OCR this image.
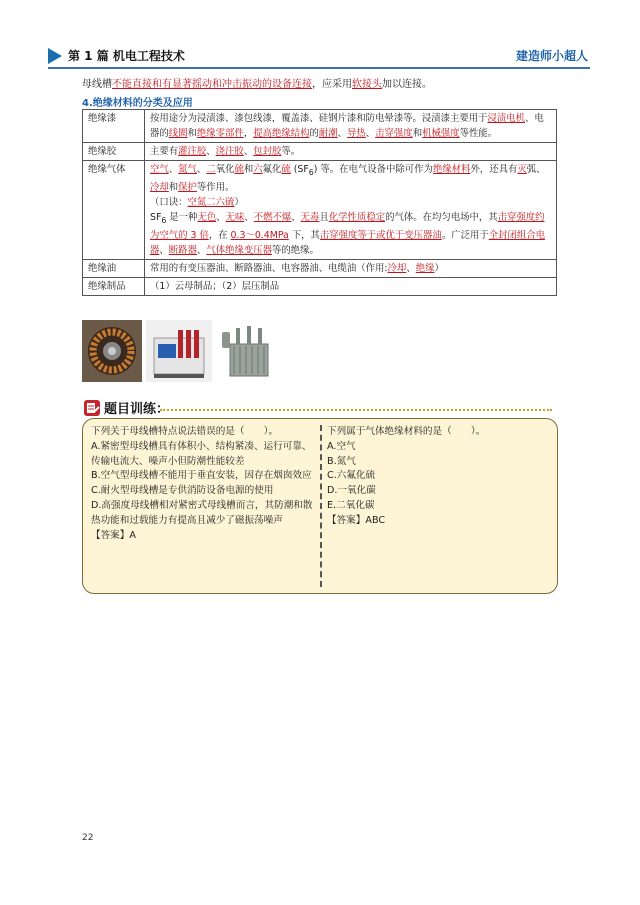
第 1 篇 机电工程技术	建造师小超人
母线槽不能直接和有显著摇动和冲击振动的设备连接，应采用软接头加以连接。
4.绝缘材料的分类及应用
绝缘漆	按用途分为浸渍漆、漆包线漆，覆盖漆、硅钢片漆和防电晕漆等。浸渍漆主要用于浸渍电机、电器的线圈和绝缘零部件，提高绝缘结构的耐潮、导热、击穿强度和机械强度等性能。
绝缘胶	主要有灌注胶、浇注胶、包封胶等。
绝缘气体	空气、氮气、二氧化硫和六氟化硫 $(SF_6)$ 等。在电气设备中除可作为绝缘材料外，还具有灭弧、冷却和保护等作用。
（口诀：空氮二六硫）
$SF_6$ 是一种无色、无味、不燃不爆、无毒且化学性质稳定的气体。在均匀电场中，其击穿强度约为空气的 3 倍，在 0.3～0.4MPa 下，其击穿强度等于或优于变压器油。广泛用于全封闭组合电器、断路器、气体绝缘变压器等的绝缘。

绝缘油	常用的有变压器油、断路器油、电容器油、电缆油（作用:冷却、绝缘）
绝缘制品	（1）云母制品；（2）层压制品
题目训练：
下列关于母线槽特点说法错误的是（　　）。
A.紧密型母线槽具有体积小、结构紧凑、运行可靠、传输电流大、噪声小但防潮性能较差
B.空气型母线槽不能用于垂直安装，因存在烟囱效应
C.耐火型母线槽是专供消防设备电源的使用
D.高强度母线槽相对紧密式母线槽而言，其防潮和散热功能和过载能力有提高且减少了磁振荡噪声
【答案】A
下列属于气体绝缘材料的是（　　）。
A.空气
B.氮气
C.六氟化硫
D.一氧化碳
E.二氧化碳
【答案】ABC
22
